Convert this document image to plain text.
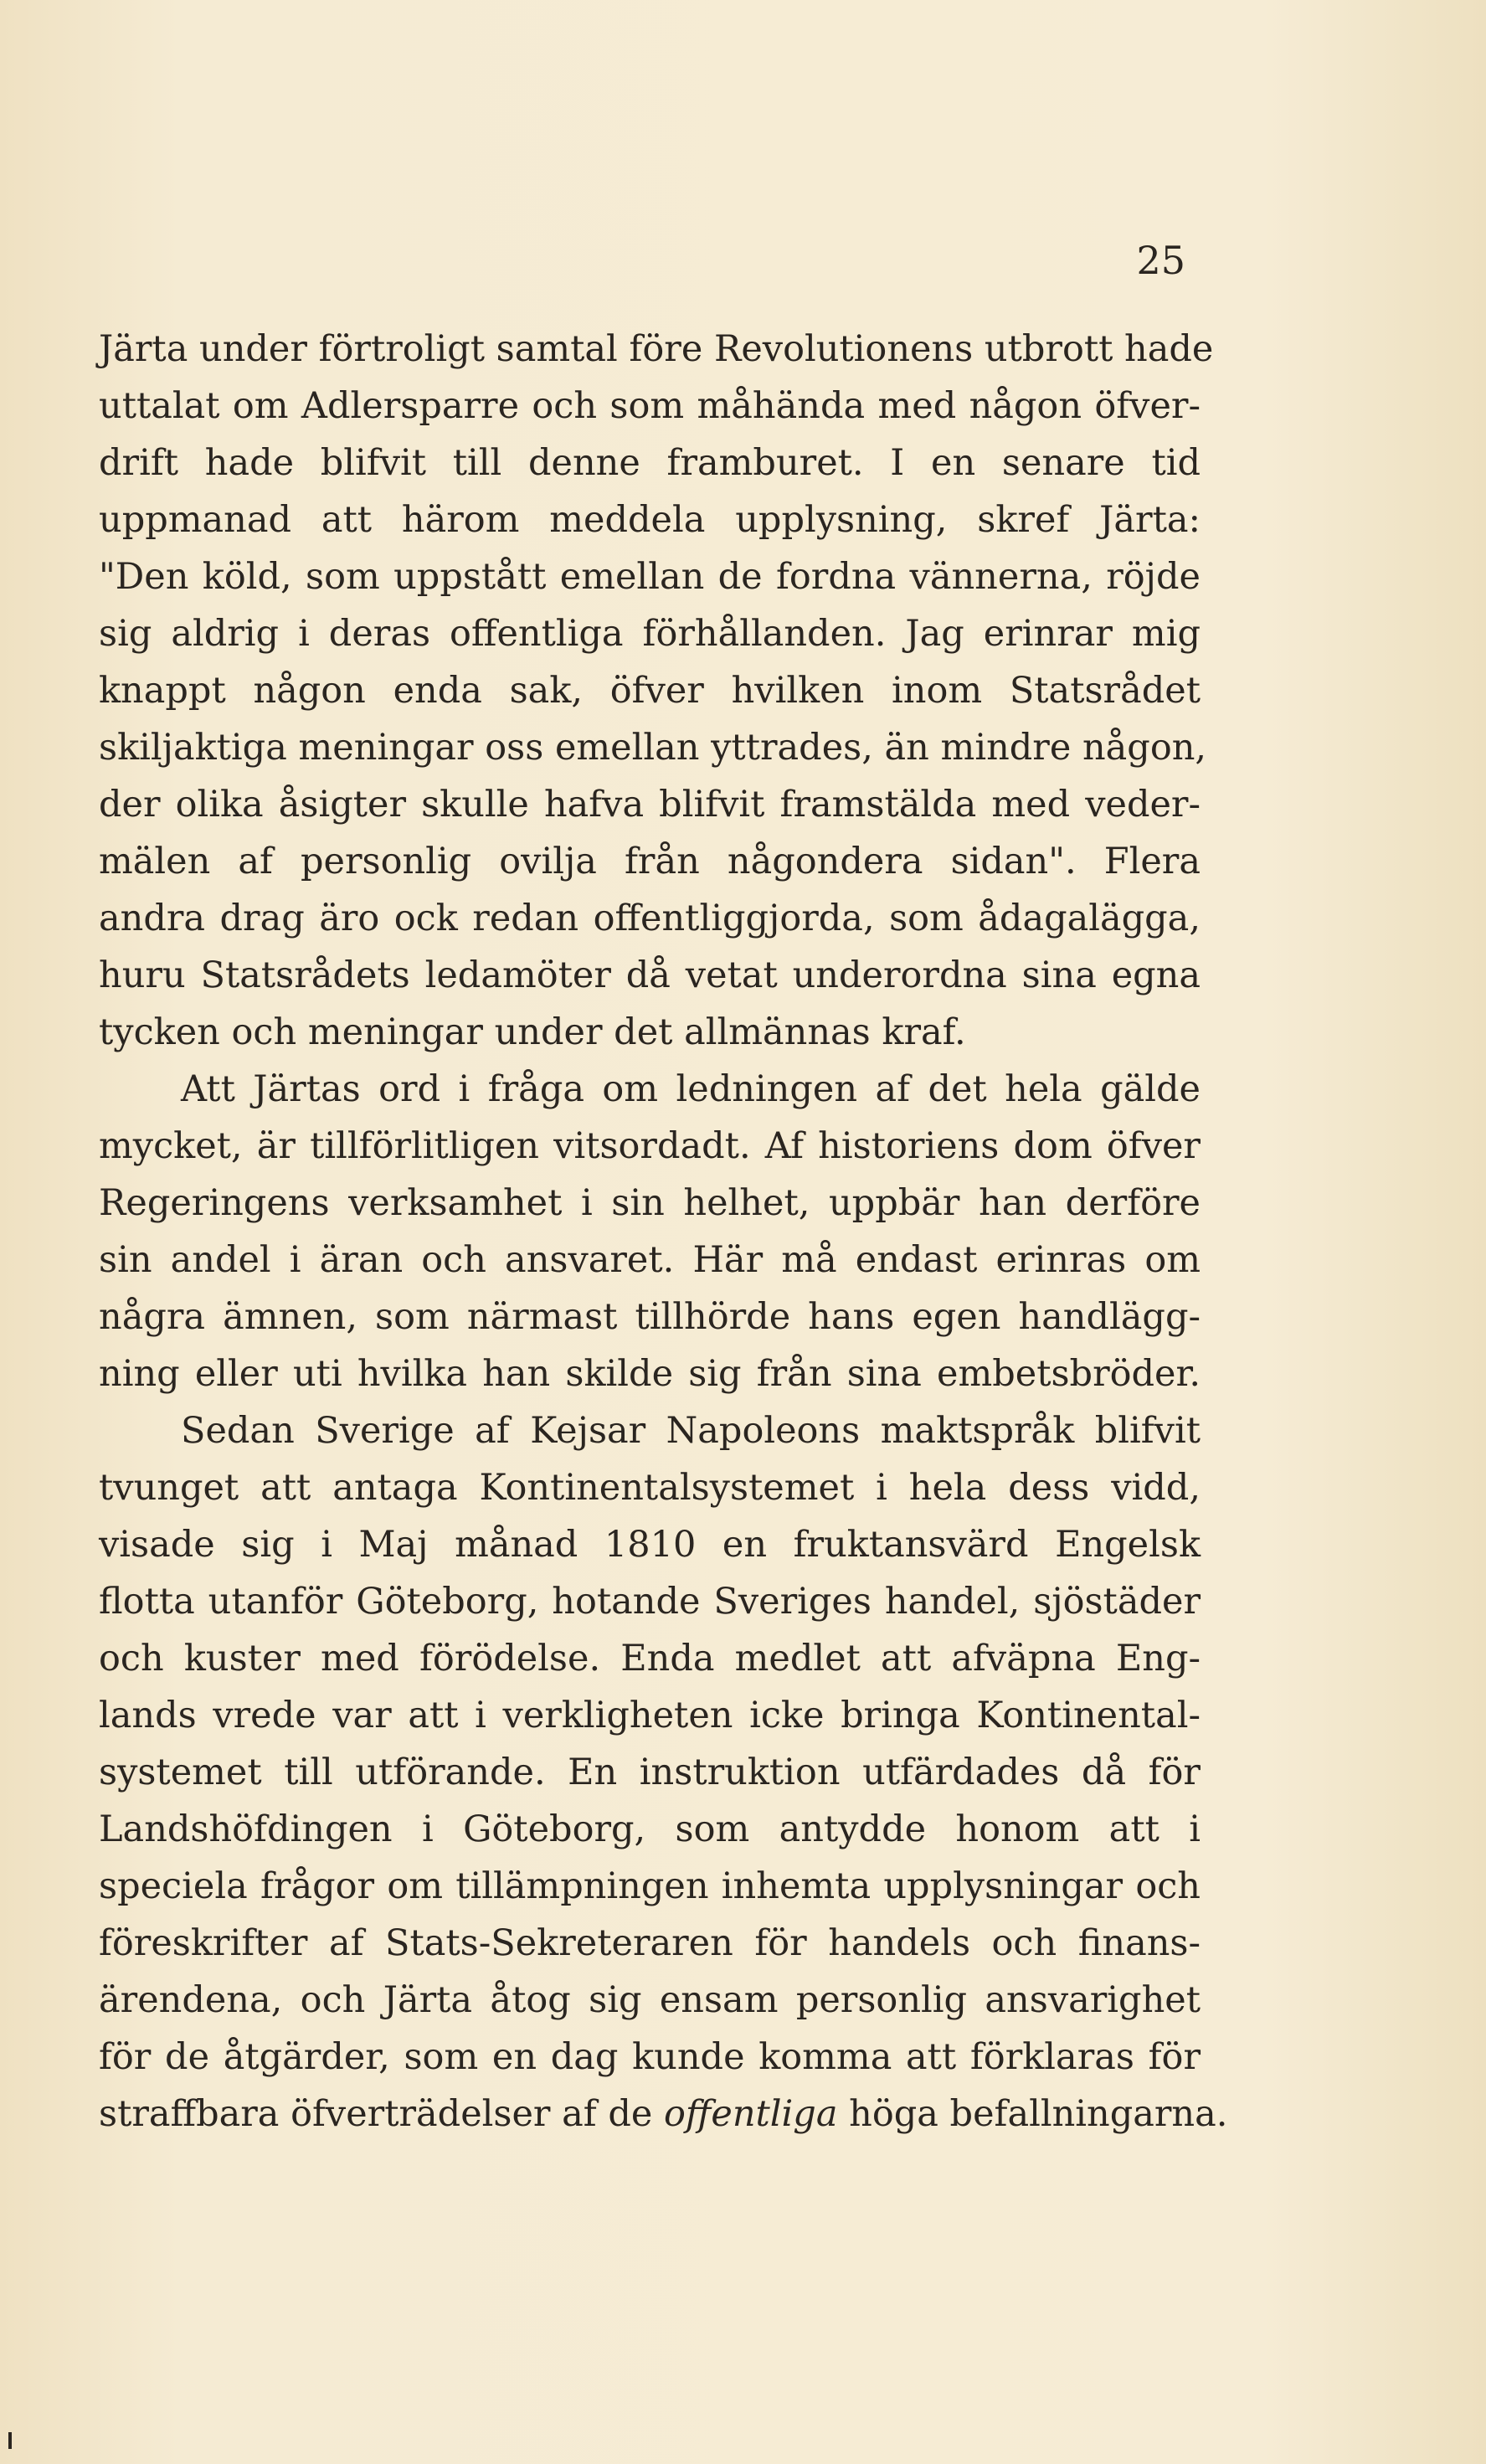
25
Järta under förtroligt samtal före Revolutionens utbrott hade
uttalat om Adlersparre och som måhända med någon öfver-
drift hade blifvit till denne framburet. I en senare tid
uppmanad att härom meddela upplysning, skref Järta:
"Den köld, som uppstått emellan de fordna vännerna, röjde
sig aldrig i deras offentliga förhållanden. Jag erinrar mig
knappt någon enda sak, öfver hvilken inom Statsrådet
skiljaktiga meningar oss emellan yttrades, än mindre någon,
der olika åsigter skulle hafva blifvit framstälda med veder-
mälen af personlig ovilja från någondera sidan". Flera
andra drag äro ock redan offentliggjorda, som ådagalägga,
huru Statsrådets ledamöter då vetat underordna sina egna
tycken och meningar under det allmännas kraf.
Att Järtas ord i fråga om ledningen af det hela gälde
mycket, är tillförlitligen vitsordadt. Af historiens dom öfver
Regeringens verksamhet i sin helhet, uppbär han derföre
sin andel i äran och ansvaret. Här må endast erinras om
några ämnen, som närmast tillhörde hans egen handlägg-
ning eller uti hvilka han skilde sig från sina embetsbröder.
Sedan Sverige af Kejsar Napoleons maktspråk blifvit
tvunget att antaga Kontinentalsystemet i hela dess vidd,
visade sig i Maj månad 1810 en fruktansvärd Engelsk
flotta utanför Göteborg, hotande Sveriges handel, sjöstäder
och kuster med förödelse. Enda medlet att afväpna Eng-
lands vrede var att i verkligheten icke bringa Kontinental-
systemet till utförande. En instruktion utfärdades då för
Landshöfdingen i Göteborg, som antydde honom att i
speciela frågor om tillämpningen inhemta upplysningar och
föreskrifter af Stats-Sekreteraren för handels och finans-
ärendena, och Järta åtog sig ensam personlig ansvarighet
för de åtgärder, som en dag kunde komma att förklaras för
straffbara öfverträdelser af de offentliga höga befallningarna.
